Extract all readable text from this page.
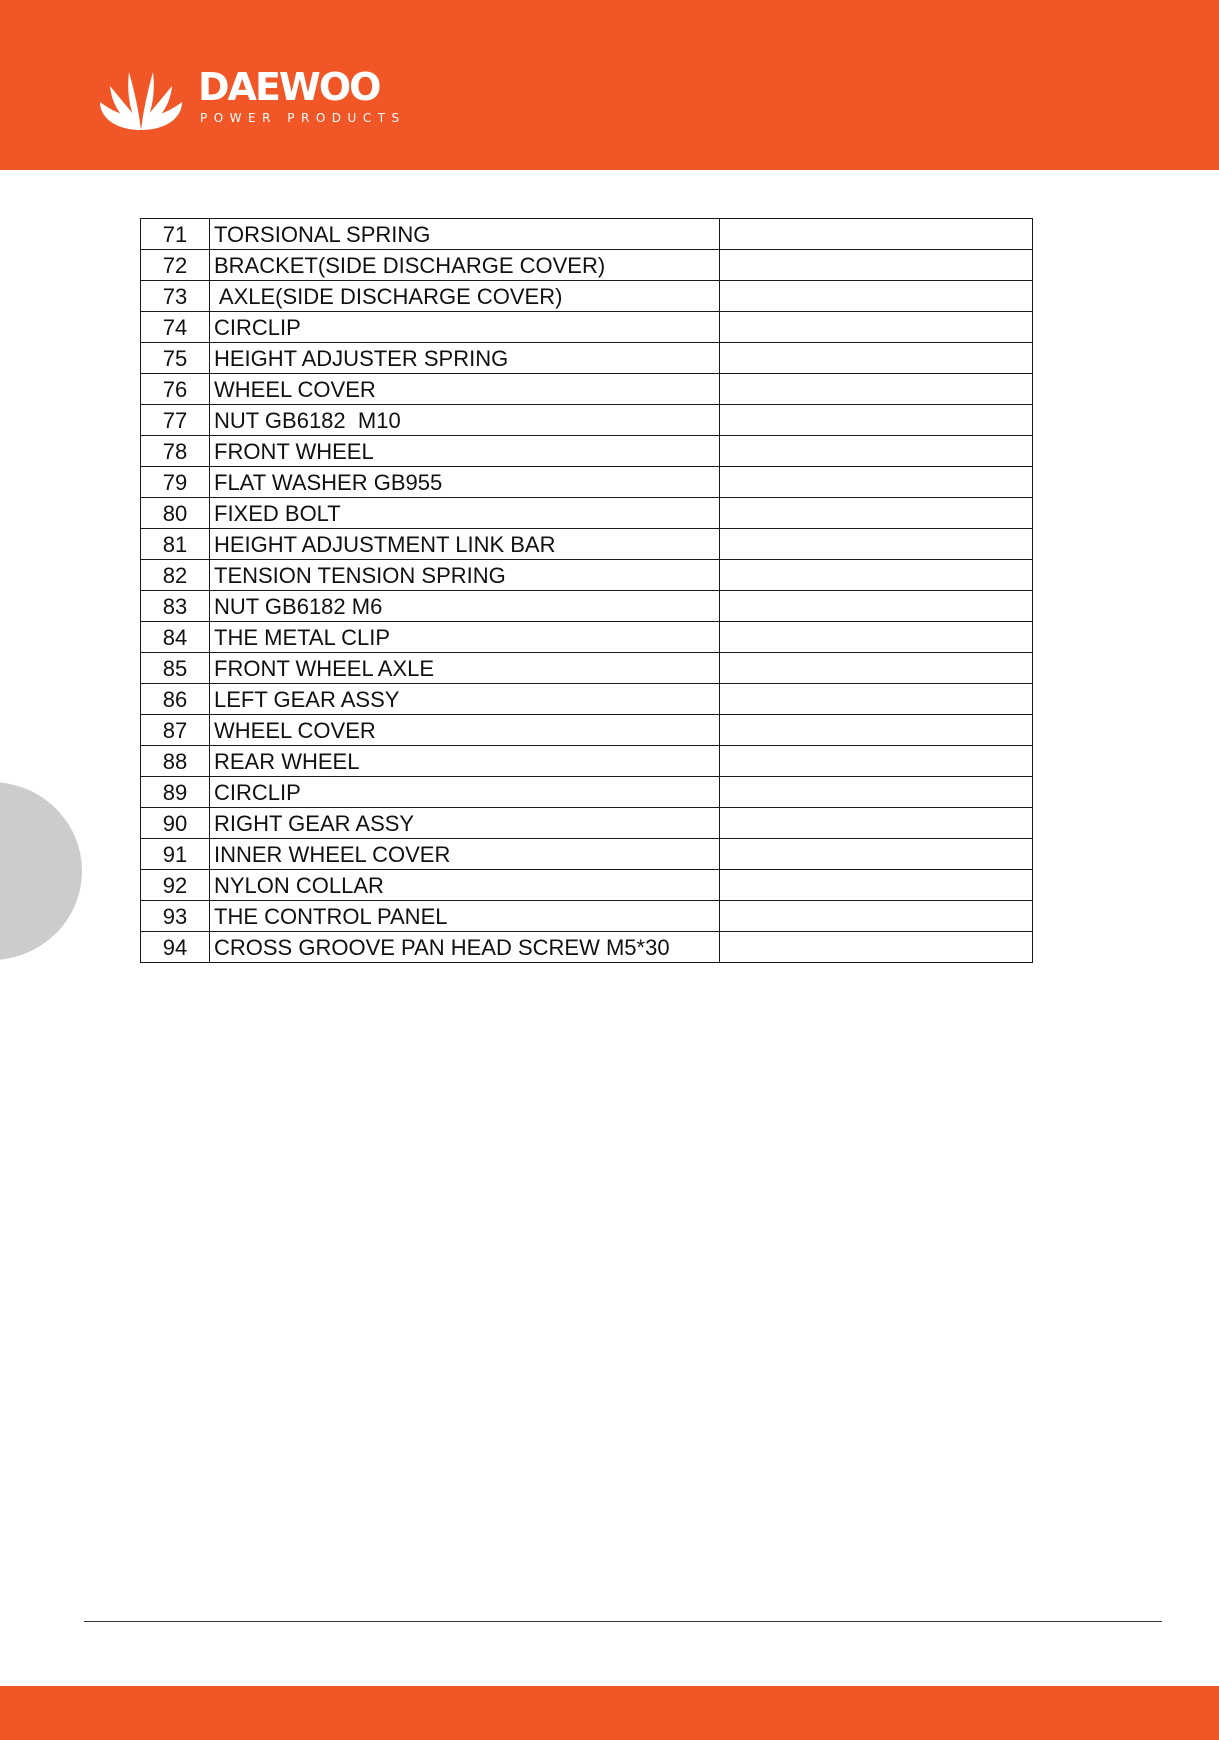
DAEWOO
POWER PRODUCTS
71	TORSIONAL SPRING	
72	BRACKET(SIDE DISCHARGE COVER)	
73	AXLE(SIDE DISCHARGE COVER)	
74	CIRCLIP	
75	HEIGHT ADJUSTER SPRING	
76	WHEEL COVER	
77	NUT GB6182  M10	
78	FRONT WHEEL	
79	FLAT WASHER GB955	
80	FIXED BOLT	
81	HEIGHT ADJUSTMENT LINK BAR	
82	TENSION TENSION SPRING	
83	NUT GB6182 M6	
84	THE METAL CLIP	
85	FRONT WHEEL AXLE	
86	LEFT GEAR ASSY	
87	WHEEL COVER	
88	REAR WHEEL	
89	CIRCLIP	
90	RIGHT GEAR ASSY	
91	INNER WHEEL COVER	
92	NYLON COLLAR	
93	THE CONTROL PANEL	
94	CROSS GROOVE PAN HEAD SCREW M5*30	
